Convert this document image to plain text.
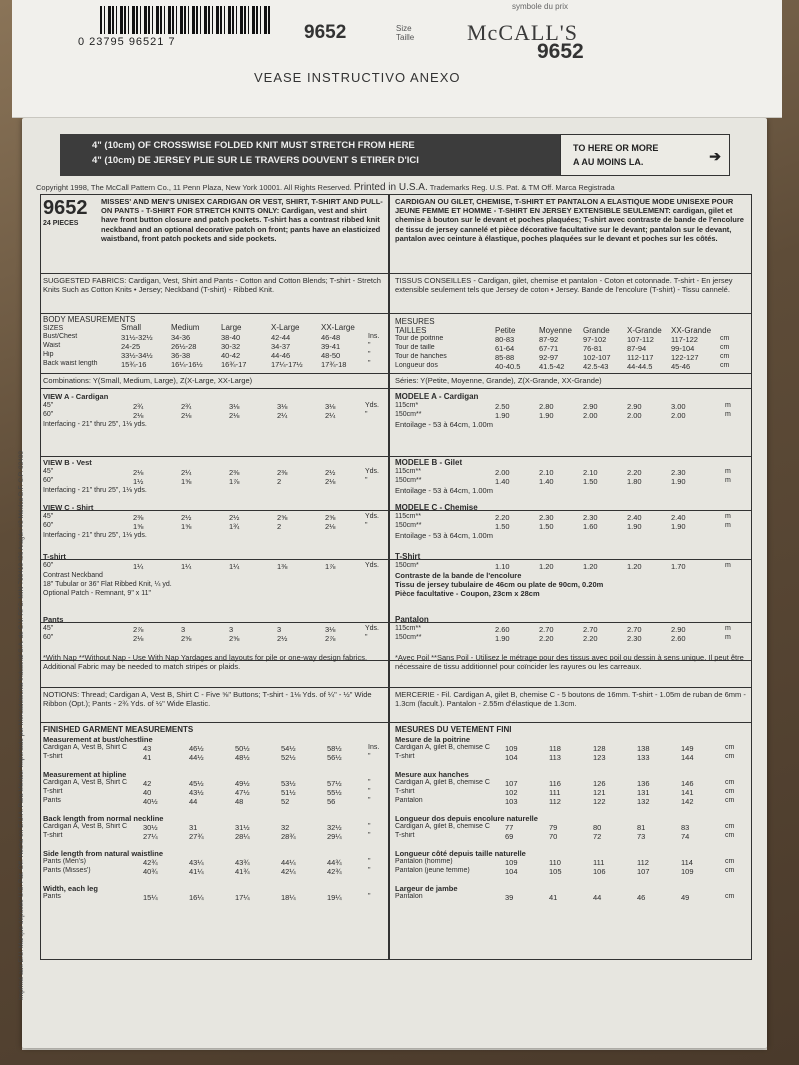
0 23795 96521 7	9652	Size
Taille
symbole du prix
McCALL'S
9652
VEASE INSTRUCTIVO ANEXO
4" (10cm) OF CROSSWISE FOLDED KNIT MUST STRETCH FROM HERE
4" (10cm) DE JERSEY PLIE SUR LE TRAVERS DOUVENT S ETIRER D'ICI
TO HERE OR MORE
A AU MOINS LA.	➔
Copyright 1998, The McCall Pattern Co., 11 Penn Plaza, New York 10001. All Rights Reserved. Printed in U.S.A. Trademarks Reg. U.S. Pat. & TM Off. Marca Registrada
Imprimé aux E.U. Marque déposée U.S. Pat. Off. Hecho en E.U.A. Para México: Importado por Mercadotecnia Industrial S.A. de C.V. RFC: MIN-790410-I26 Aragón #3 México D.F. C.P. 03400
9652
24 PIECES
MISSES' AND MEN'S UNISEX CARDIGAN OR VEST, SHIRT, T-SHIRT AND PULL-ON PANTS - T-SHIRT FOR STRETCH KNITS ONLY: Cardigan, vest and shirt have front button closure and patch pockets. T-shirt has a contrast ribbed knit neckband and an optional decorative patch on front; pants have an elasticized waistband, front patch pockets and side pockets.
CARDIGAN OU GILET, CHEMISE, T-SHIRT ET PANTALON A ELASTIQUE MODE UNISEXE POUR JEUNE FEMME ET HOMME - T-SHIRT EN JERSEY EXTENSIBLE SEULEMENT: cardigan, gilet et chemise à bouton sur le devant et poches plaquées; T-shirt avec contraste de bande de l'encolure de tissu de jersey cannelé et pièce décorative facultative sur le devant; pantalon sur le devant, pantalon avec ceinture à élastique, poches plaquées sur le devant et poches sur les côtés.
SUGGESTED FABRICS: Cardigan, Vest, Shirt and Pants - Cotton and Cotton Blends; T-shirt - Stretch Knits Such as Cotton Knits • Jersey; Neckband (T-shirt) - Ribbed Knit.
TISSUS CONSEILLES - Cardigan, gilet, chemise et pantalon - Coton et cotonnade. T-shirt - En jersey extensible seulement tels que Jersey de coton • Jersey. Bande de l'encolure (T-shirt) - Tissu cannelé.
BODY MEASUREMENTS
SIZES	Small	Medium	Large	X-Large	XX-Large
Bust/Chest	31½-32½ 34-36	38-40	42-44	46-48	Ins.
Waist	24-25	26½-28	30-32	34-37	39-41	"
Hip	33½-34½ 36-38	40-42	44-46	48-50	"
Back waist length	15¾-16	16¼-16½ 16¾-17	17¼-17½ 17¾-18	"
MESURES
TAILLES	Petite	Moyenne Grande X-Grande XX-Grande
Tour de poitrine	80-83	87-92	97-102	107-112 117-122	cm
Tour de taille	61-64	67-71	76-81	87-94	99-104	cm
Tour de hanches	85-88	92-97	102-107 112-117 122-127	cm
Longueur dos	40-40.5 41.5-42 42.5-43 44-44.5 45-46	cm
Combinations: Y(Small, Medium, Large), Z(X-Large, XX-Large)	Séries: Y(Petite, Moyenne, Grande), Z(X-Grande, XX-Grande)
VIEW A - Cardigan
45"	2¾	2¾	3⅛	3⅛	3⅛	Yds.
60"	2⅛	2⅛	2⅛	2¼	2¼	"
Interfacing - 21" thru 25", 1⅛ yds.
MODELE A - Cardigan
115cm*	2.50	2.80	2.90	2.90	3.00	m
150cm**	1.90	1.90	2.00	2.00	2.00	m
Entoilage - 53 à 64cm, 1.00m
VIEW B - Vest
45"	2⅛	2¼	2⅜	2⅜	2½	Yds.
60"	1½	1⅝	1⅞	2	2⅛	"
Interfacing - 21" thru 25", 1⅛ yds.
MODELE B - Gilet
115cm**	2.00	2.10	2.10	2.20	2.30	m
150cm**	1.40	1.40	1.50	1.80	1.90	m
Entoilage - 53 à 64cm, 1.00m
VIEW C - Shirt
45"	2⅜	2½	2½	2⅝	2⅝	Yds.
60"	1⅝	1⅝	1¾	2	2⅛	"
Interfacing - 21" thru 25", 1⅛ yds.
MODELE C - Chemise
115cm**	2.20	2.30	2.30	2.40	2.40	m
150cm**	1.50	1.50	1.60	1.90	1.90	m
Entoilage - 53 à 64cm, 1.00m
T-shirt
60"	1¼	1¼	1¼	1⅜	1⅞	Yds.
Contrast Neckband
18" Tubular or 36" Flat Ribbed Knit, ¼ yd.
Optional Patch - Remnant, 9" x 11"
T-Shirt
150cm*	1.10	1.20	1.20	1.20	1.70	m
Contraste de la bande de l'encolure
Tissu de jersey tubulaire de 46cm ou plate de 90cm, 0.20m
Pièce facultative - Coupon, 23cm x 28cm
Pants
45"	2⅞	3	3	3	3⅛	Yds.
60"	2⅛	2⅝	2⅝	2½	2⅞	"
Pantalon
115cm**	2.60	2.70	2.70	2.70	2.90	m
150cm**	1.90	2.20	2.20	2.30	2.60	m
*With Nap **Without Nap - Use With Nap Yardages and layouts for pile or one-way design fabrics. Additional Fabric may be needed to match stripes or plaids.
*Avec Poil **Sans Poil - Utilisez le métrage pour des tissus avec poil ou dessin à sens unique. Il peut être nécessaire de tissu additionnel pour coïncider les rayures ou les carreaux.
NOTIONS: Thread; Cardigan A, Vest B, Shirt C - Five ⅝" Buttons; T-shirt - 1⅛ Yds. of ¼" - ½" Wide Ribbon (Opt.); Pants - 2¾ Yds. of ½" Wide Elastic.
MERCERIE - Fil. Cardigan A, gilet B, chemise C - 5 boutons de 16mm. T-shirt - 1.05m de ruban de 6mm - 1.3cm (facult.). Pantalon - 2.55m d'élastique de 1.3cm.
FINISHED GARMENT MEASUREMENTS	MESURES DU VETEMENT FINI
Measurement at bust/chestline
Cardigan A, Vest B, Shirt C	43	46½	50½	54½	58½	Ins.
T-shirt	41	44½	48½	52½	56½	"
Mesure de la poitrine
Cardigan A, gilet B, chemise C	109	118	128	138	149	cm
T-shirt	104	113	123	133	144	cm
Measurement at hipline
Cardigan A, Vest B, Shirt C	42	45½	49½	53½	57½	"
T-shirt	40	43½	47½	51½	55½	"
Pants	40½	44	48	52	56	"
Mesure aux hanches
Cardigan A, gilet B, chemise C	107	116	126	136	146	cm
T-shirt	102	111	121	131	141	cm
Pantalon	103	112	122	132	142	cm
Back length from normal neckline
Cardigan A, Vest B, Shirt C	30½	31	31½	32	32½	"
T-shirt	27¼	27¾	28¼	28¾	29¼	"
Longueur dos depuis encolure naturelle
Cardigan A, gilet B, chemise C	77	79	80	81	83	cm
T-shirt	69	70	72	73	74	cm
Side length from natural waistline
Pants (Men's)	42¾	43¼	43¾	44¼	44¾	"
Pants (Misses')	40¾	41¼	41¾	42¼	42¾	"
Longueur côté depuis taille naturelle
Pantalon (homme)	109	110	111	112	114	cm
Pantalon (jeune femme)	104	105	106	107	109	cm
Width, each leg
Pants	15¼	16¼	17¼	18¼	19¼	"
Largeur de jambe
Pantalon	39	41	44	46	49	cm
